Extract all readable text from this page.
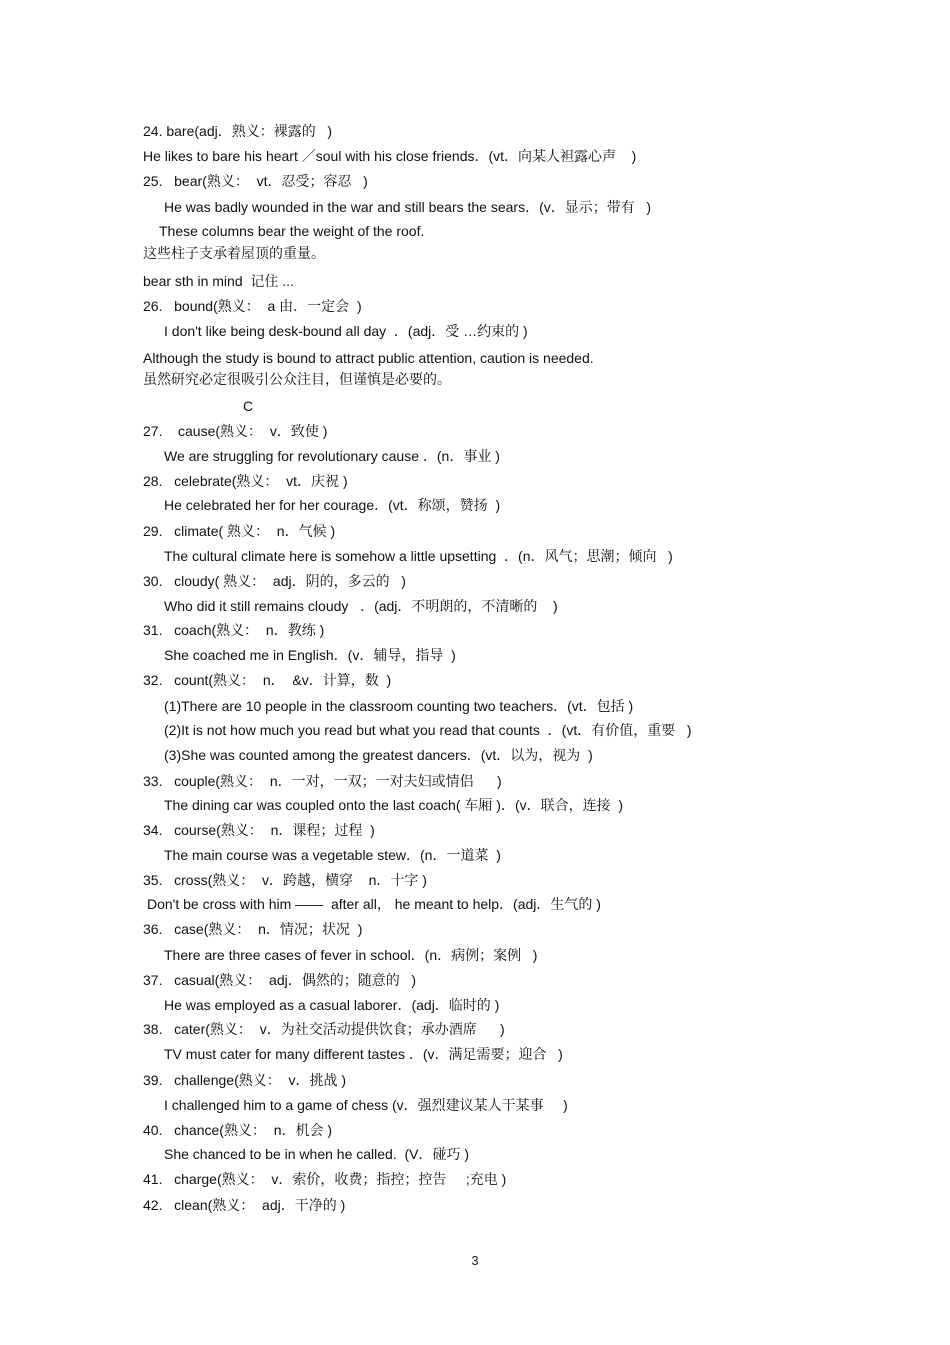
24. bare(adj．熟义：裸露的   )
He likes to bare his heart ／soul with his close friends．(vt．向某人袒露心声    )
25.   bear(熟义：  vt．忍受；容忍   )
He was badly wounded in the war and still bears the sears．(v．显示；带有   )
These columns bear the weight of the roof.
这些柱子支承着屋顶的重量。
bear sth in mind  记住 ...
26.   bound(熟义：  a 由．一定会  )
I don't like being desk-bound all day  ．(adj．受 …约束的 )
Although the study is bound to attract public attention, caution is needed.
虽然研究必定很吸引公众注目，但谨慎是必要的。
C
27.    cause(熟义：  v．致使 )
We are struggling for revolutionary cause ．(n．事业 )
28.   celebrate(熟义：  vt．庆祝 )
He celebrated her for her courage．(vt．称颂，赞扬  )
29.   climate( 熟义：  n．气候 )
The cultural climate here is somehow a little upsetting  ．(n．风气；思潮；倾向   )
30.   cloudy( 熟义：  adj．阴的，多云的   )
Who did it still remains cloudy   ．(adj．不明朗的，不清晰的    )
31.   coach(熟义：  n．教练 )
She coached me in English．(v．辅导，指导  )
32.   count(熟义：  n．  &v．计算，数  )
(1)There are 10 people in the classroom counting two teachers．(vt．包括 )
(2)It is not how much you read but what you read that counts  ．(vt．有价值，重要   )
(3)She was counted among the greatest dancers．(vt．以为，视为  )
33.   couple(熟义：  n．一对，一双；一对夫妇或情侣      )
The dining car was coupled onto the last coach( 车厢 )．(v．联合，连接  )
34.   course(熟义：  n．课程；过程  )
The main course was a vegetable stew．(n．一道菜  )
35.   cross(熟义：  v．跨越，横穿    n．十字 )
Don't be cross with him ——  after all， he meant to help．(adj．生气的 )
36.   case(熟义：  n．情况；状况  )
There are three cases of fever in school．(n．病例；案例   )
37.   casual(熟义：  adj．偶然的；随意的   )
He was employed as a casual laborer．(adj．临时的 )
38.   cater(熟义：  v．为社交活动提供饮食；承办酒席      )
TV must cater for many different tastes ．(v．满足需要；迎合   )
39.   challenge(熟义：  v．挑战 )
I challenged him to a game of chess (v．强烈建议某人干某事     )
40.   chance(熟义：  n．机会 )
She chanced to be in when he called.  (V．碰巧 )
41.   charge(熟义：  v．索价，收费；指控；控告     ;充电 )
42.   clean(熟义：  adj．干净的 )
3
